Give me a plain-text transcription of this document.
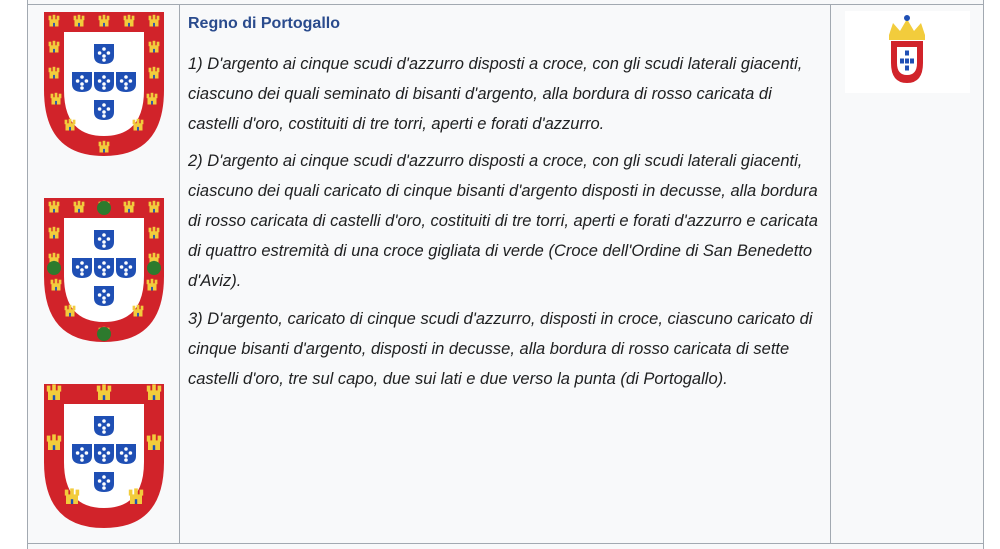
Regno di Portogallo

1) D'argento ai cinque scudi d'azzurro disposti a croce, con gli scudi laterali giacenti, ciascuno dei quali seminato di bisanti d'argento, alla bordura di rosso caricata di castelli d'oro, costituiti di tre torri, aperti e forati d'azzurro.

2) D'argento ai cinque scudi d'azzurro disposti a croce, con gli scudi laterali giacenti, ciascuno dei quali caricato di cinque bisanti d'argento disposti in decusse, alla bordura di rosso caricata di castelli d'oro, costituiti di tre torri, aperti e forati d'azzurro e caricata di quattro estremità di una croce gigliata di verde (Croce dell'Ordine di San Benedetto d'Aviz).

3) D'argento, caricato di cinque scudi d'azzurro, disposti in croce, ciascuno caricato di cinque bisanti d'argento, disposti in decusse, alla bordura di rosso caricata di sette castelli d'oro, tre sul capo, due sui lati e due verso la punta (di Portogallo).
